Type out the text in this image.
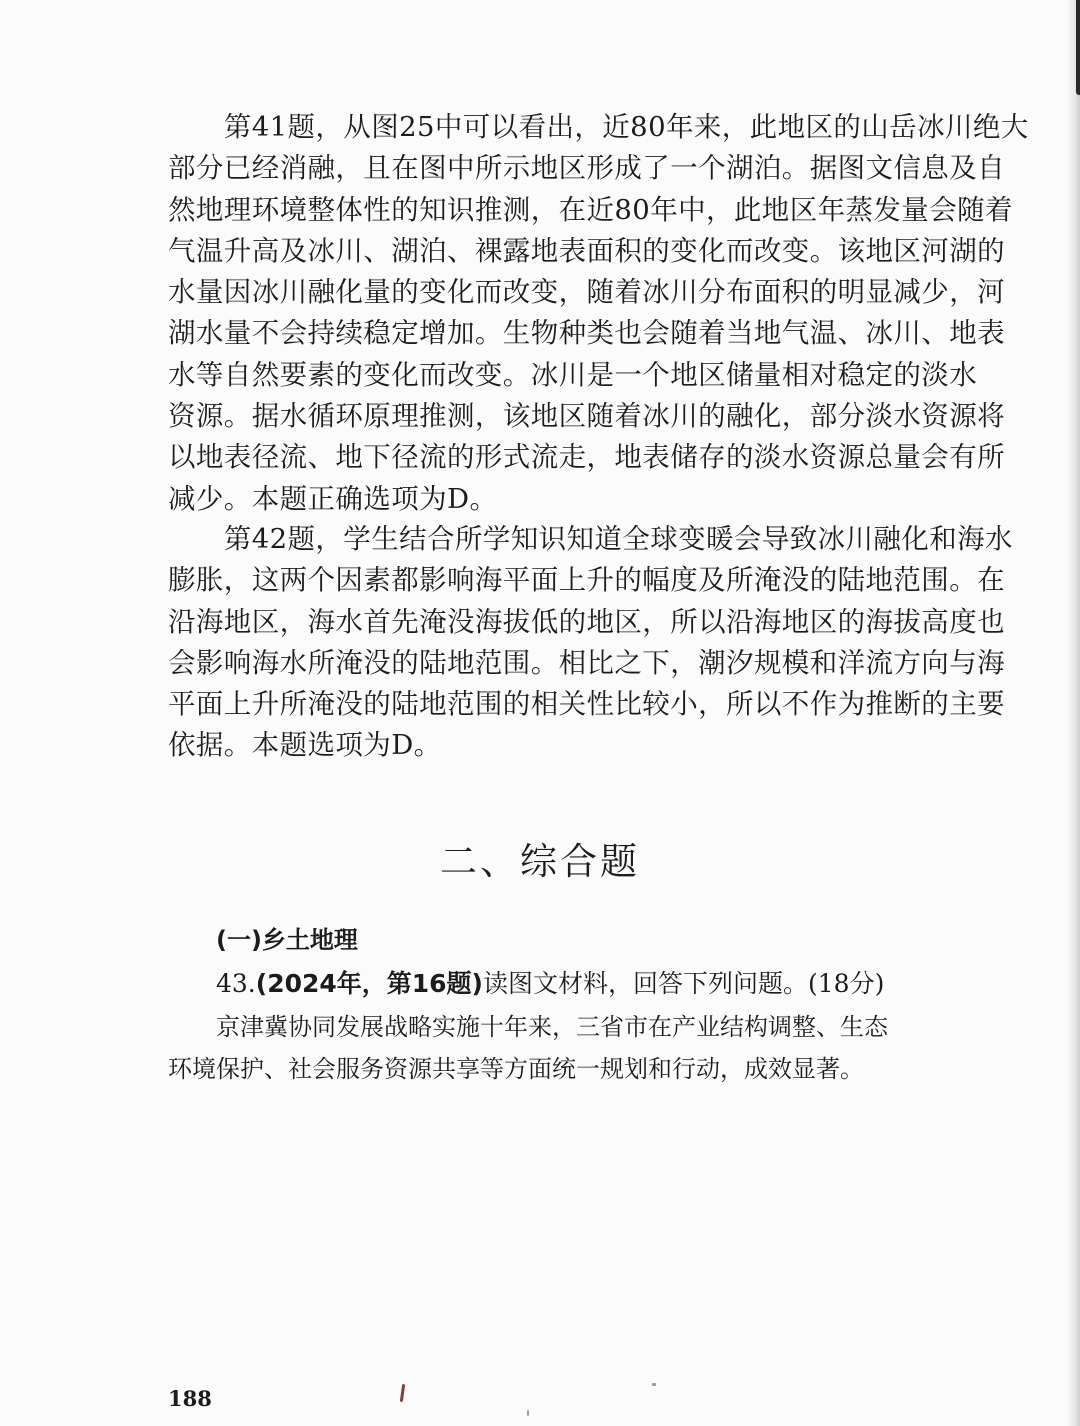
　　第41题，从图25中可以看出，近80年来，此地区的山岳冰川绝大
部分已经消融，且在图中所示地区形成了一个湖泊。据图文信息及自
然地理环境整体性的知识推测，在近80年中，此地区年蒸发量会随着
气温升高及冰川、湖泊、裸露地表面积的变化而改变。该地区河湖的
水量因冰川融化量的变化而改变，随着冰川分布面积的明显减少，河
湖水量不会持续稳定增加。生物种类也会随着当地气温、冰川、地表
水等自然要素的变化而改变。冰川是一个地区储量相对稳定的淡水
资源。据水循环原理推测，该地区随着冰川的融化，部分淡水资源将
以地表径流、地下径流的形式流走，地表储存的淡水资源总量会有所
减少。本题正确选项为D。
　　第42题，学生结合所学知识知道全球变暖会导致冰川融化和海水
膨胀，这两个因素都影响海平面上升的幅度及所淹没的陆地范围。在
沿海地区，海水首先淹没海拔低的地区，所以沿海地区的海拔高度也
会影响海水所淹没的陆地范围。相比之下，潮汐规模和洋流方向与海
平面上升所淹没的陆地范围的相关性比较小，所以不作为推断的主要
依据。本题选项为D。
二、综合题
(一)乡土地理
43.(2024年，第16题)读图文材料，回答下列问题。(18分)
　　京津冀协同发展战略实施十年来，三省市在产业结构调整、生态
环境保护、社会服务资源共享等方面统一规划和行动，成效显著。
188
